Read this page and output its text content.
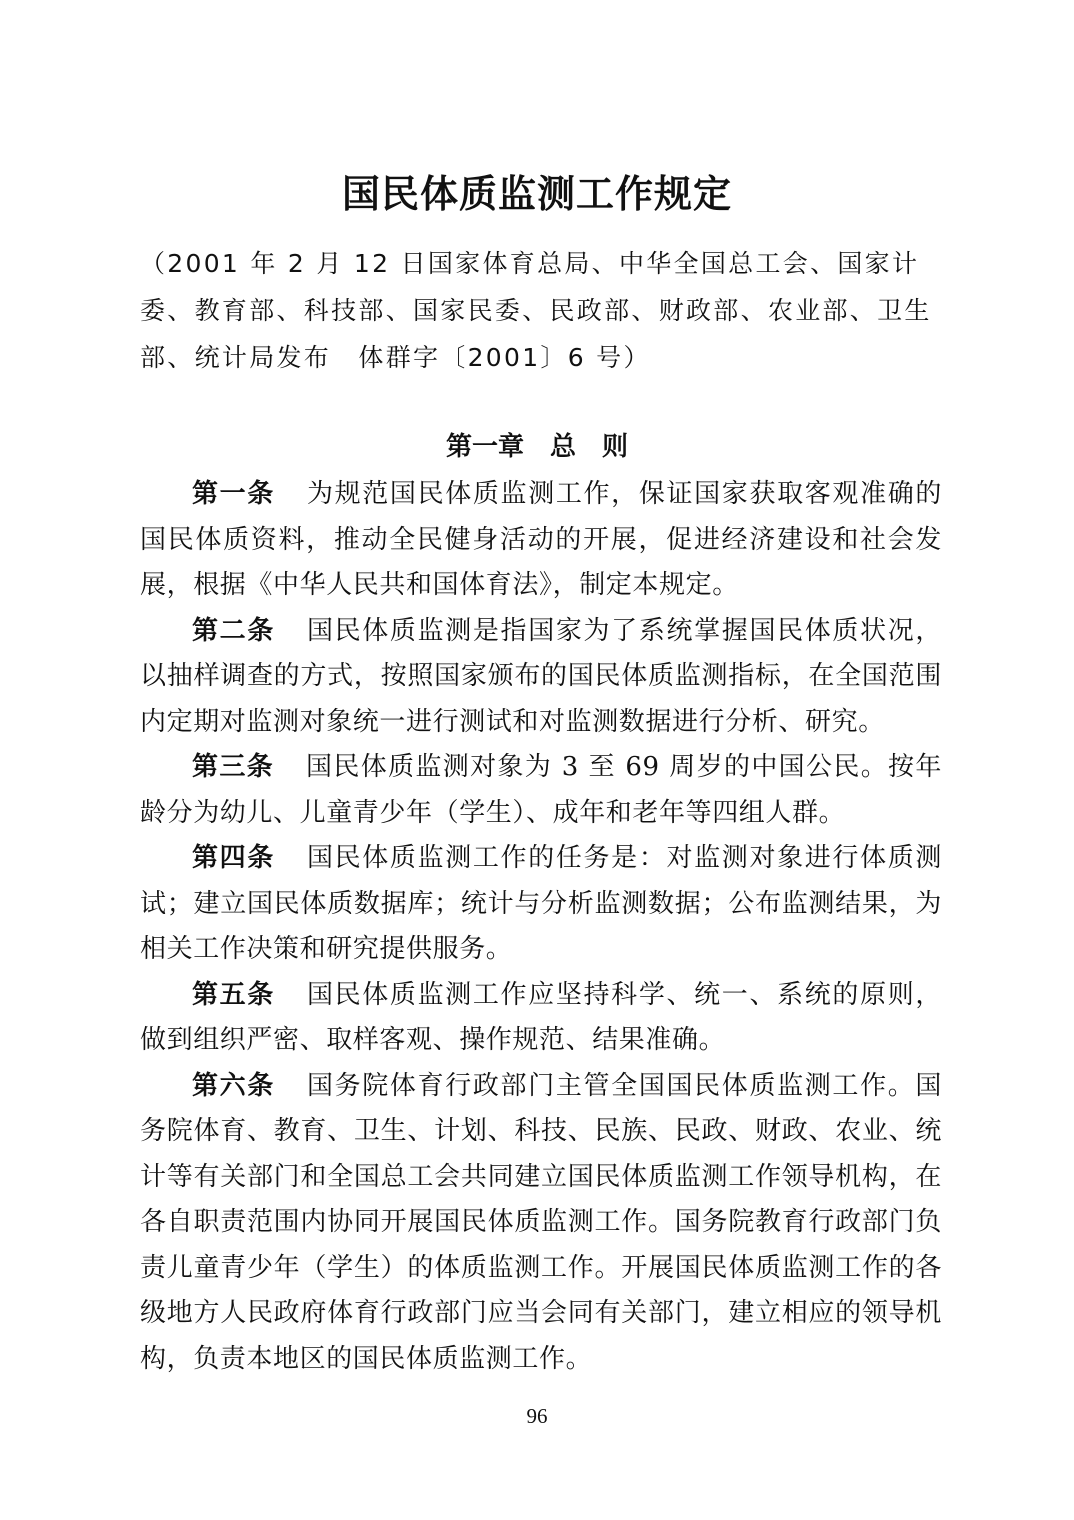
国民体质监测工作规定

（2001 年 2 月 12 日国家体育总局、中华全国总工会、国家计委、教育部、科技部、国家民委、民政部、财政部、农业部、卫生部、统计局发布　体群字〔2001〕6 号）

第一章　总　则

第一条 为规范国民体质监测工作，保证国家获取客观准确的国民体质资料，推动全民健身活动的开展，促进经济建设和社会发展，根据《中华人民共和国体育法》，制定本规定。

第二条 国民体质监测是指国家为了系统掌握国民体质状况，以抽样调查的方式，按照国家颁布的国民体质监测指标，在全国范围内定期对监测对象统一进行测试和对监测数据进行分析、研究。

第三条 国民体质监测对象为 3 至 69 周岁的中国公民。按年龄分为幼儿、儿童青少年（学生）、成年和老年等四组人群。

第四条 国民体质监测工作的任务是：对监测对象进行体质测试；建立国民体质数据库；统计与分析监测数据；公布监测结果，为相关工作决策和研究提供服务。

第五条 国民体质监测工作应坚持科学、统一、系统的原则，做到组织严密、取样客观、操作规范、结果准确。

第六条 国务院体育行政部门主管全国国民体质监测工作。国务院体育、教育、卫生、计划、科技、民族、民政、财政、农业、统计等有关部门和全国总工会共同建立国民体质监测工作领导机构，在各自职责范围内协同开展国民体质监测工作。国务院教育行政部门负责儿童青少年（学生）的体质监测工作。开展国民体质监测工作的各级地方人民政府体育行政部门应当会同有关部门，建立相应的领导机构，负责本地区的国民体质监测工作。

96
